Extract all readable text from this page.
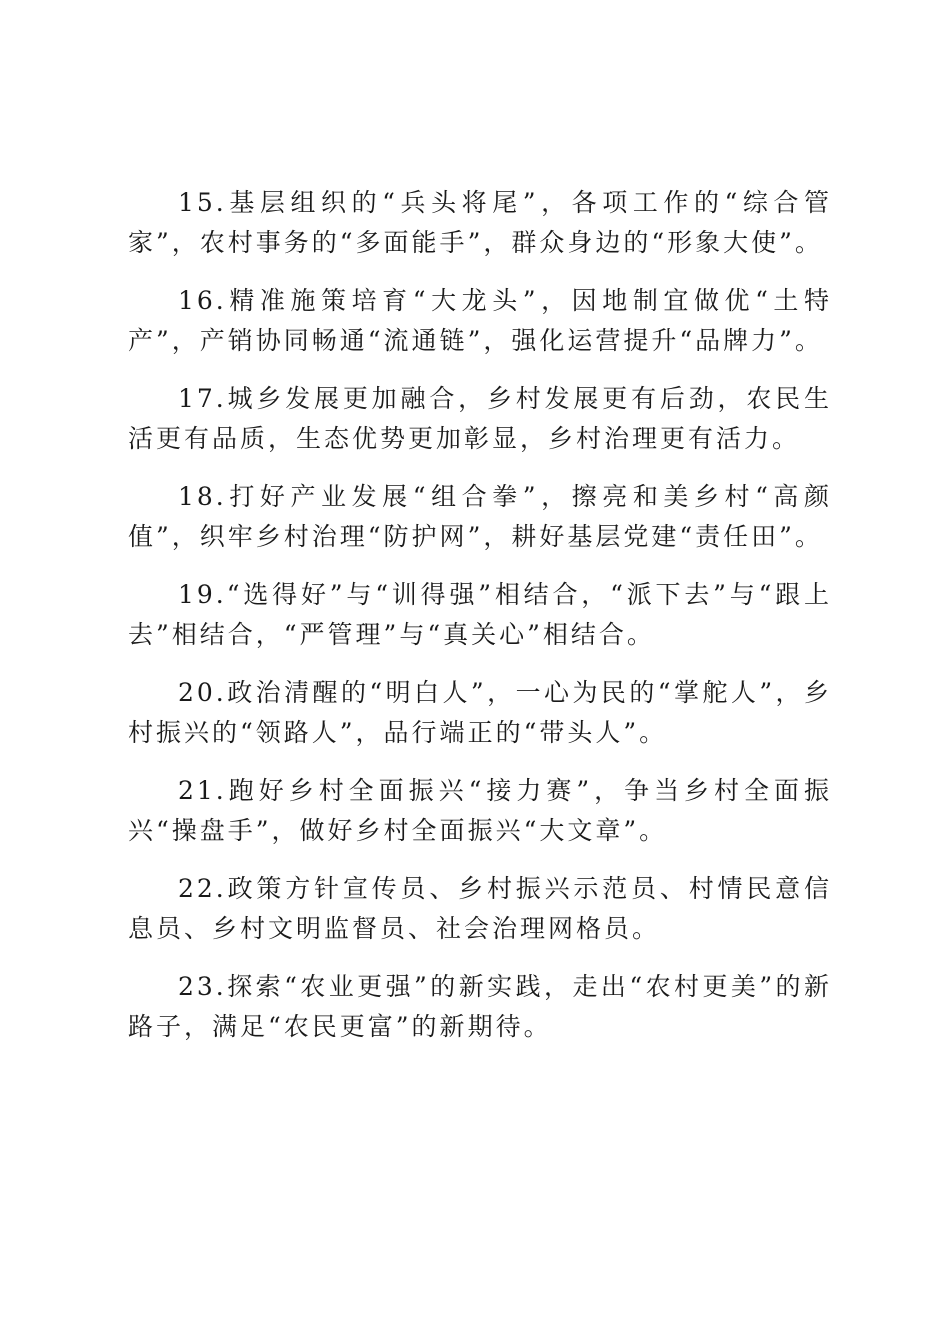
15.基层组织的“兵头将尾”，各项工作的“综合管家”，农村事务的“多面能手”，群众身边的“形象大使”。

16.精准施策培育“大龙头”，因地制宜做优“土特产”，产销协同畅通“流通链”，强化运营提升“品牌力”。

17.城乡发展更加融合，乡村发展更有后劲，农民生活更有品质，生态优势更加彰显，乡村治理更有活力。

18.打好产业发展“组合拳”，擦亮和美乡村“高颜值”，织牢乡村治理“防护网”，耕好基层党建“责任田”。

19.“选得好”与“训得强”相结合，“派下去”与“跟上去”相结合，“严管理”与“真关心”相结合。

20.政治清醒的“明白人”，一心为民的“掌舵人”，乡村振兴的“领路人”，品行端正的“带头人”。

21.跑好乡村全面振兴“接力赛”，争当乡村全面振兴“操盘手”，做好乡村全面振兴“大文章”。

22.政策方针宣传员、乡村振兴示范员、村情民意信息员、乡村文明监督员、社会治理网格员。

23.探索“农业更强”的新实践，走出“农村更美”的新路子，满足“农民更富”的新期待。
